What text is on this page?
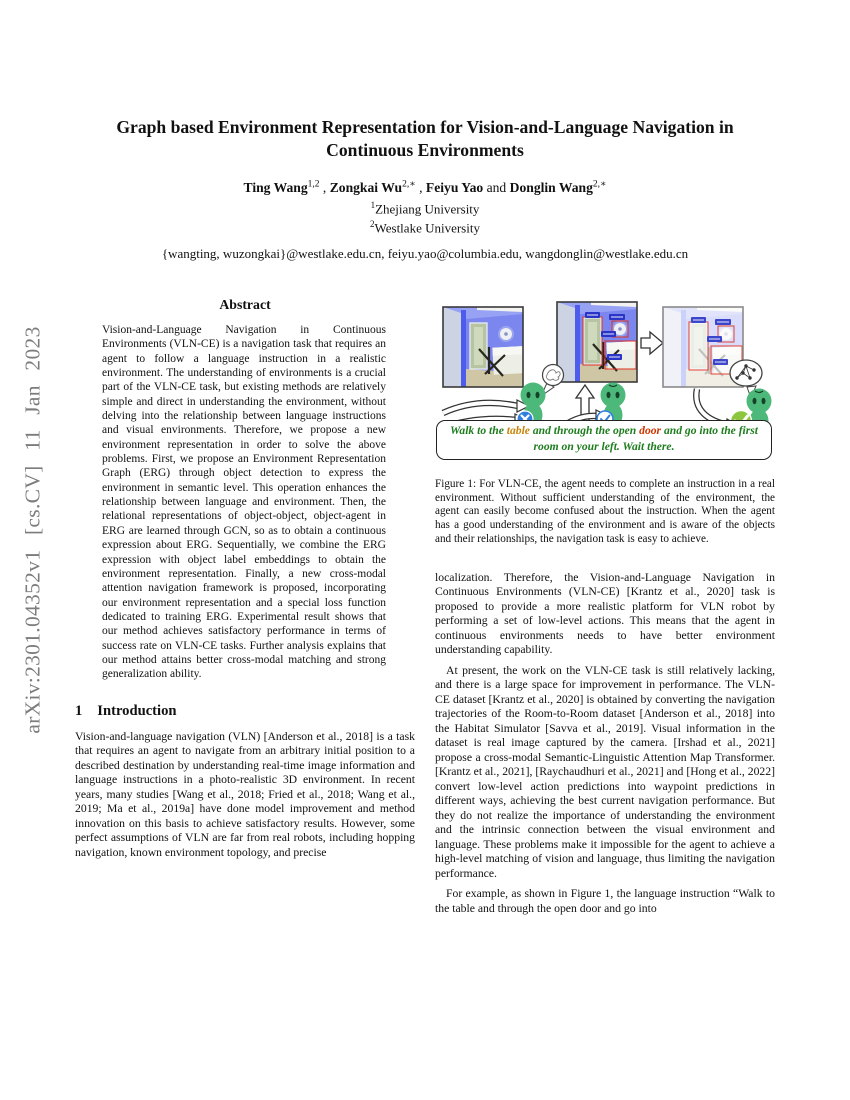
arXiv:2301.04352v1 [cs.CV] 11 Jan 2023
Graph based Environment Representation for Vision-and-Language Navigation in Continuous Environments
Ting Wang$^{1,2}$ , Zongkai $Wu^{2,∗}$ , Feiyu Yao and Donglin Wang$^{2,∗}$
$^1$Zhejiang University
$^2$Westlake University
{wangting, wuzongkai}@westlake.edu.cn, feiyu.yao@columbia.edu, wangdonglin@westlake.edu.cn
Abstract
Vision-and-Language Navigation in Continuous Environments (VLN-CE) is a navigation task that requires an agent to follow a language instruction in a realistic environment. The understanding of environments is a crucial part of the VLN-CE task, but existing methods are relatively simple and direct in understanding the environment, without delving into the relationship between language instructions and visual environments. Therefore, we propose a new environment representation in order to solve the above problems. First, we propose an Environment Representation Graph (ERG) through object detection to express the environment in semantic level. This operation enhances the relationship between language and environment. Then, the relational representations of object-object, object-agent in ERG are learned through GCN, so as to obtain a continuous expression about ERG. Sequentially, we combine the ERG expression with object label embeddings to obtain the environment representation. Finally, a new cross-modal attention navigation framework is proposed, incorporating our environment representation and a special loss function dedicated to training ERG. Experimental result shows that our method achieves satisfactory performance in terms of success rate on VLN-CE tasks. Further analysis explains that our method attains better cross-modal matching and strong generalization ability.
1 Introduction
Vision-and-language navigation (VLN) [Anderson et al., 2018] is a task that requires an agent to navigate from an arbitrary initial position to a described destination by understanding real-time image information and language instructions in a photo-realistic 3D environment. In recent years, many studies [Wang et al., 2018; Fried et al., 2018; Wang et al., 2019; Ma et al., 2019a] have done model improvement and method innovation on this basis to achieve satisfactory results. However, some perfect assumptions of VLN are far from real robots, including hopping navigation, known environment topology, and precise
Walk to the table and through the open door and go into the first room on your left. Wait there.
Figure 1: For VLN-CE, the agent needs to complete an instruction in a real environment. Without sufficient understanding of the environment, the agent can easily become confused about the instruction. When the agent has a good understanding of the environment and is aware of the objects and their relationships, the navigation task is easy to achieve.
localization. Therefore, the Vision-and-Language Navigation in Continuous Environments (VLN-CE) [Krantz et al., 2020] task is proposed to provide a more realistic platform for VLN robot by performing a set of low-level actions. This means that the agent in continuous environments needs to have better environment understanding capability.
At present, the work on the VLN-CE task is still relatively lacking, and there is a large space for improvement in performance. The VLN-CE dataset [Krantz et al., 2020] is obtained by converting the navigation trajectories of the Room-to-Room dataset [Anderson et al., 2018] into the Habitat Simulator [Savva et al., 2019]. Visual information in the dataset is real image captured by the camera. [Irshad et al., 2021] propose a cross-modal Semantic-Linguistic Attention Map Transformer. [Krantz et al., 2021], [Raychaudhuri et al., 2021] and [Hong et al., 2022] convert low-level action predictions into waypoint predictions in different ways, achieving the best current navigation performance. But they do not realize the importance of understanding the environment and the intrinsic connection between the visual environment and language. These problems make it impossible for the agent to achieve a high-level matching of vision and language, thus limiting the navigation performance.
For example, as shown in Figure 1, the language instruction “Walk to the table and through the open door and go into
